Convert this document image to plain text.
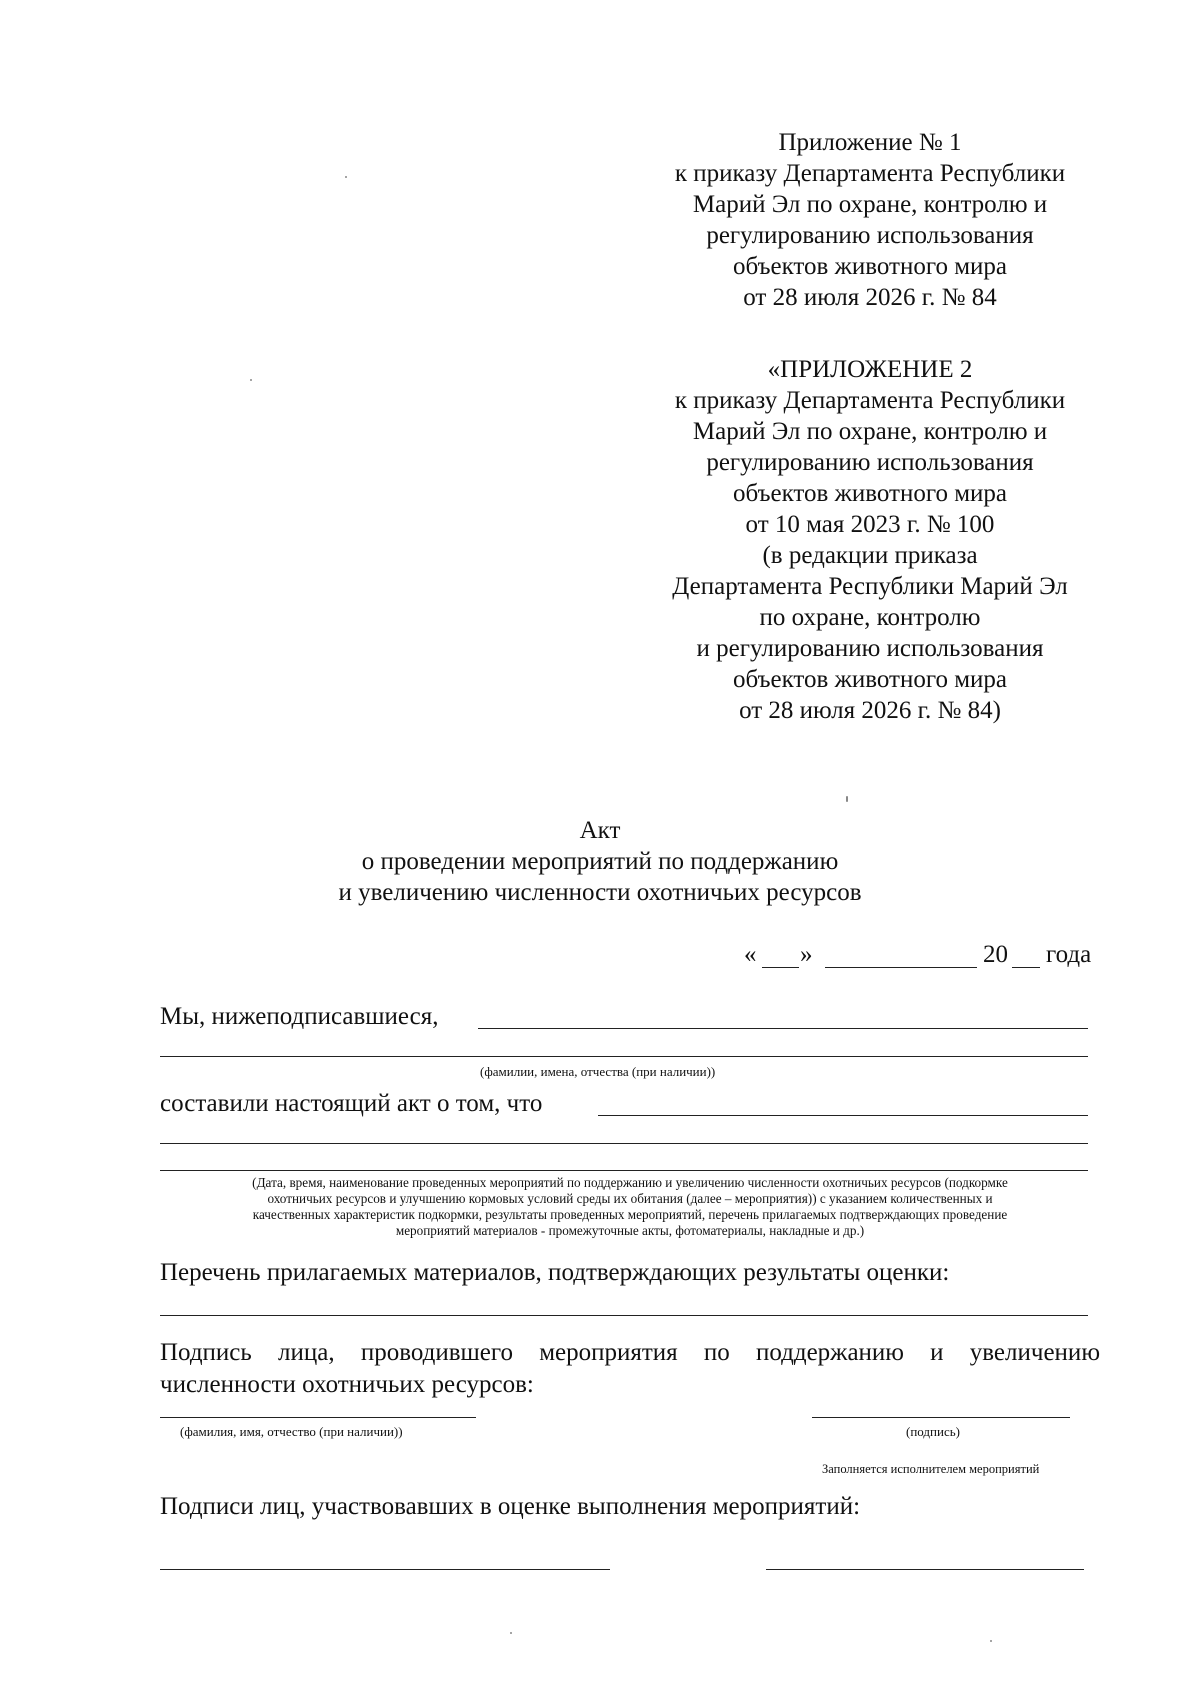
Приложение № 1
к приказу Департамента Республики
Марий Эл по охране, контролю и
регулированию использования
объектов животного мира
от 28 июля 2026 г. № 84
«ПРИЛОЖЕНИЕ 2
к приказу Департамента Республики
Марий Эл по охране, контролю и
регулированию использования
объектов животного мира
от 10 мая 2023 г. № 100
(в редакции приказа
Департамента Республики Марий Эл
по охране, контролю
и регулированию использования
объектов животного мира
от 28 июля 2026 г. № 84)
Акт
о проведении мероприятий по поддержанию
и увеличению численности охотничьих ресурсов
« »	20 года
Мы, нижеподписавшиеся,
(фамилии, имена, отчества (при наличии))
составили настоящий акт о том, что
(Дата, время, наименование проведенных мероприятий по поддержанию и увеличению численности охотничьих ресурсов (подкормке
охотничьих ресурсов и улучшению кормовых условий среды их обитания (далее – мероприятия)) с указанием количественных и
качественных характеристик подкормки, результаты проведенных мероприятий, перечень прилагаемых подтверждающих проведение
мероприятий материалов - промежуточные акты, фотоматериалы, накладные и др.)
Перечень прилагаемых материалов, подтверждающих результаты оценки:
Подпись лица, проводившего мероприятия по поддержанию и увеличению
численности охотничьих ресурсов:
(фамилия, имя, отчество (при наличии))	(подпись)
Заполняется исполнителем мероприятий
Подписи лиц, участвовавших в оценке выполнения мероприятий:
